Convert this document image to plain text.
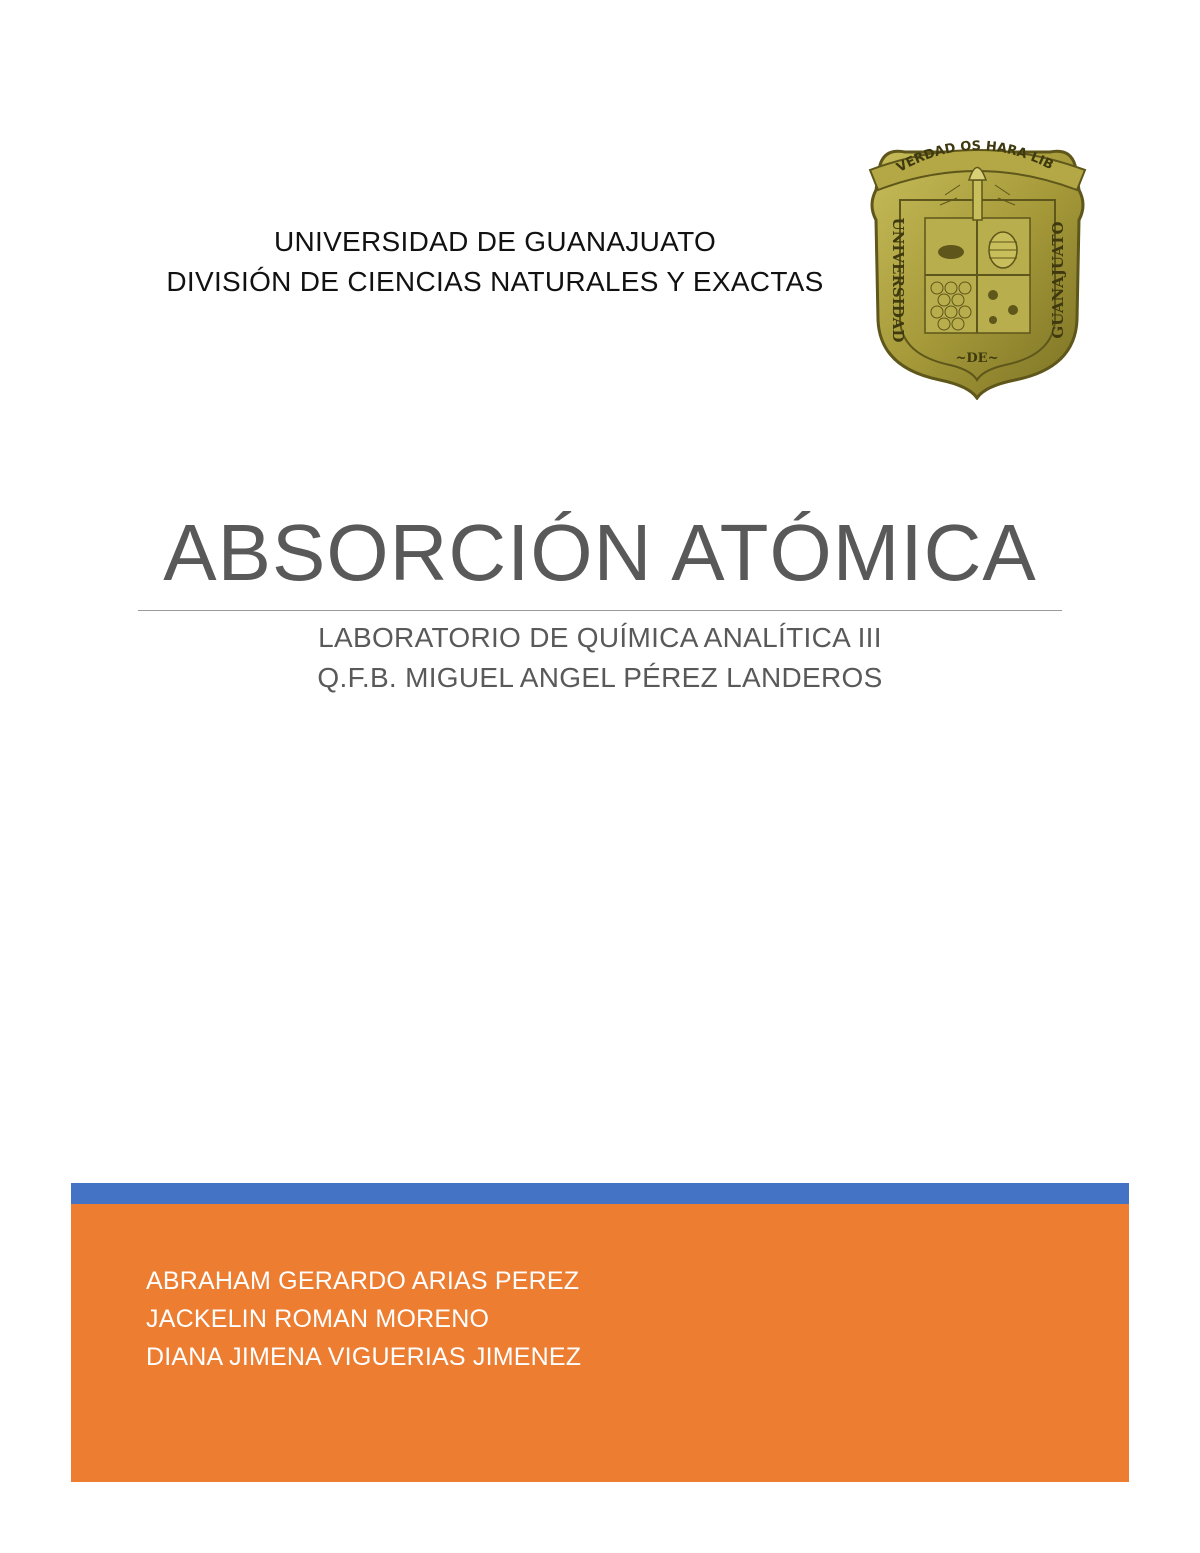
UNIVERSIDAD DE GUANAJUATO
DIVISIÓN DE CIENCIAS NATURALES Y EXACTAS
VERDAD OS HARA LIB
UNIVERSIDAD	GUANAJUATO
~DE~
ABSORCIÓN ATÓMICA
LABORATORIO DE QUÍMICA ANALÍTICA III
Q.F.B. MIGUEL ANGEL PÉREZ LANDEROS
ABRAHAM GERARDO ARIAS PEREZ
JACKELIN ROMAN MORENO
DIANA JIMENA VIGUERIAS JIMENEZ
